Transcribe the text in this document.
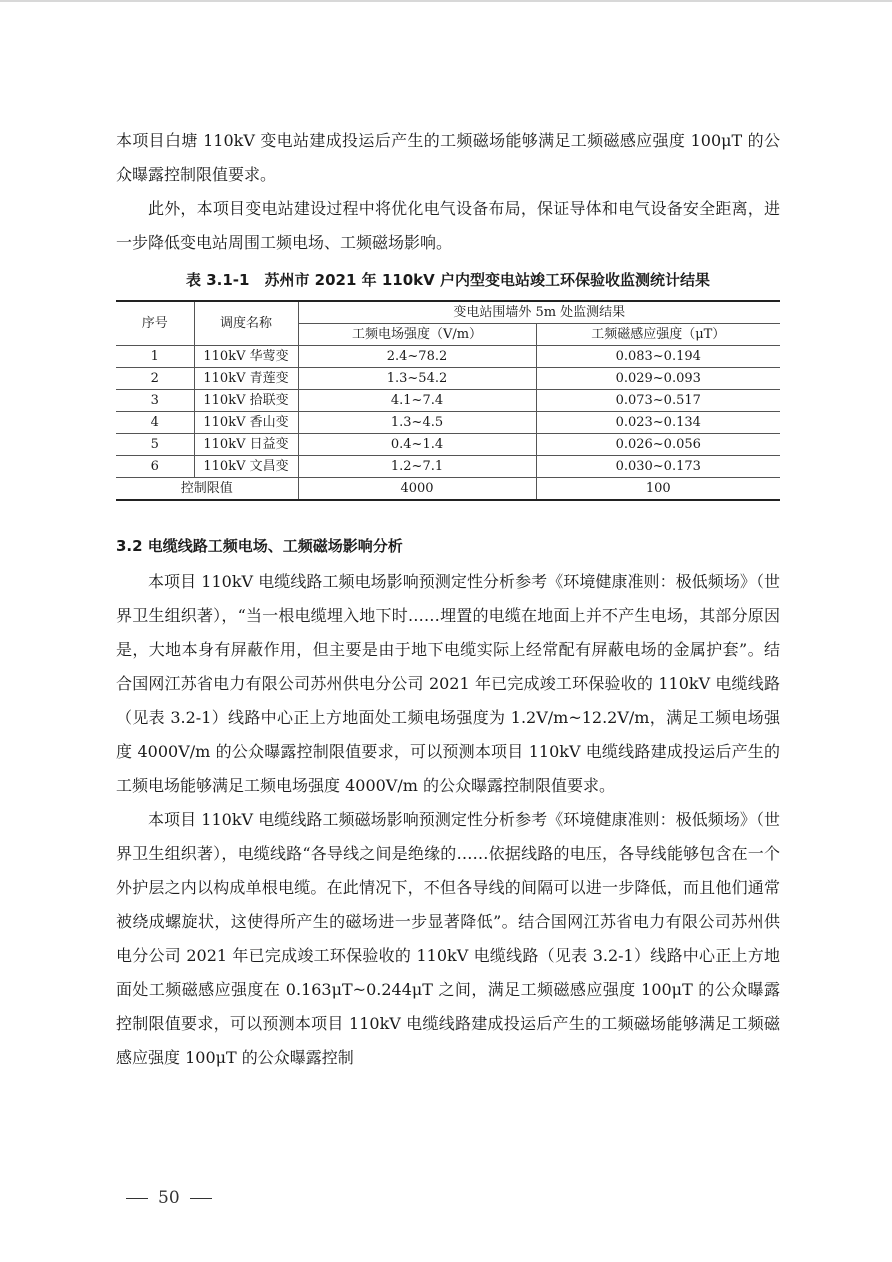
本项目白塘 110kV 变电站建成投运后产生的工频磁场能够满足工频磁感应强度 100μT 的公众曝露控制限值要求。

此外，本项目变电站建设过程中将优化电气设备布局，保证导体和电气设备安全距离，进一步降低变电站周围工频电场、工频磁场影响。

表 3.1-1　苏州市 2021 年 110kV 户内型变电站竣工环保验收监测统计结果
序号	调度名称	变电站围墙外 5m 处监测结果	
		工频电场强度（V/m）	工频磁感应强度（μT）
1	110kV 华莺变	2.4~78.2	0.083~0.194
2	110kV 青莲变	1.3~54.2	0.029~0.093
3	110kV 拾联变	4.1~7.4	0.073~0.517
4	110kV 香山变	1.3~4.5	0.023~0.134
5	110kV 日益变	0.4~1.4	0.026~0.056
6	110kV 文昌变	1.2~7.1	0.030~0.173
控制限值		4000	100
3.2 电缆线路工频电场、工频磁场影响分析

本项目 110kV 电缆线路工频电场影响预测定性分析参考《环境健康准则：极低频场》（世界卫生组织著），“当一根电缆埋入地下时……埋置的电缆在地面上并不产生电场，其部分原因是，大地本身有屏蔽作用，但主要是由于地下电缆实际上经常配有屏蔽电场的金属护套”。结合国网江苏省电力有限公司苏州供电分公司 2021 年已完成竣工环保验收的 110kV 电缆线路（见表 3.2-1）线路中心正上方地面处工频电场强度为 1.2V/m~12.2V/m，满足工频电场强度 4000V/m 的公众曝露控制限值要求，可以预测本项目 110kV 电缆线路建成投运后产生的工频电场能够满足工频电场强度 4000V/m 的公众曝露控制限值要求。

本项目 110kV 电缆线路工频磁场影响预测定性分析参考《环境健康准则：极低频场》（世界卫生组织著），电缆线路“各导线之间是绝缘的……依据线路的电压，各导线能够包含在一个外护层之内以构成单根电缆。在此情况下，不但各导线的间隔可以进一步降低，而且他们通常被绕成螺旋状，这使得所产生的磁场进一步显著降低”。结合国网江苏省电力有限公司苏州供电分公司 2021 年已完成竣工环保验收的 110kV 电缆线路（见表 3.2-1）线路中心正上方地面处工频磁感应强度在 0.163μT~0.244μT 之间，满足工频磁感应强度 100μT 的公众曝露控制限值要求，可以预测本项目 110kV 电缆线路建成投运后产生的工频磁场能够满足工频磁感应强度 100μT 的公众曝露控制

50
